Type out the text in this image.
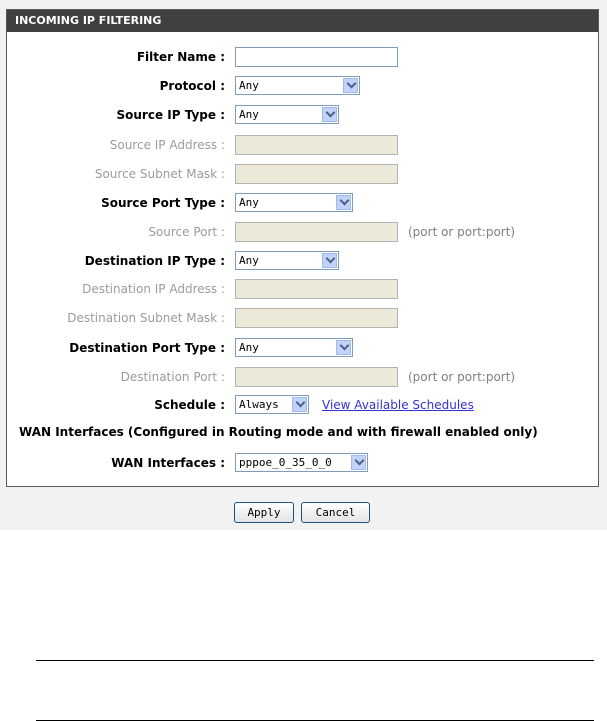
INCOMING IP FILTERING
Filter Name :
Protocol :	Any
Source IP Type :	Any
Source IP Address :
Source Subnet Mask :
Source Port Type :	Any
Source Port :	(port or port:port)
Destination IP Type :	Any
Destination IP Address :
Destination Subnet Mask :
Destination Port Type :	Any
Destination Port :	(port or port:port)
Schedule :	Always	View Available Schedules
WAN Interfaces (Configured in Routing mode and with firewall enabled only)
WAN Interfaces :	pppoe_0_35_0_0
Apply	Cancel
